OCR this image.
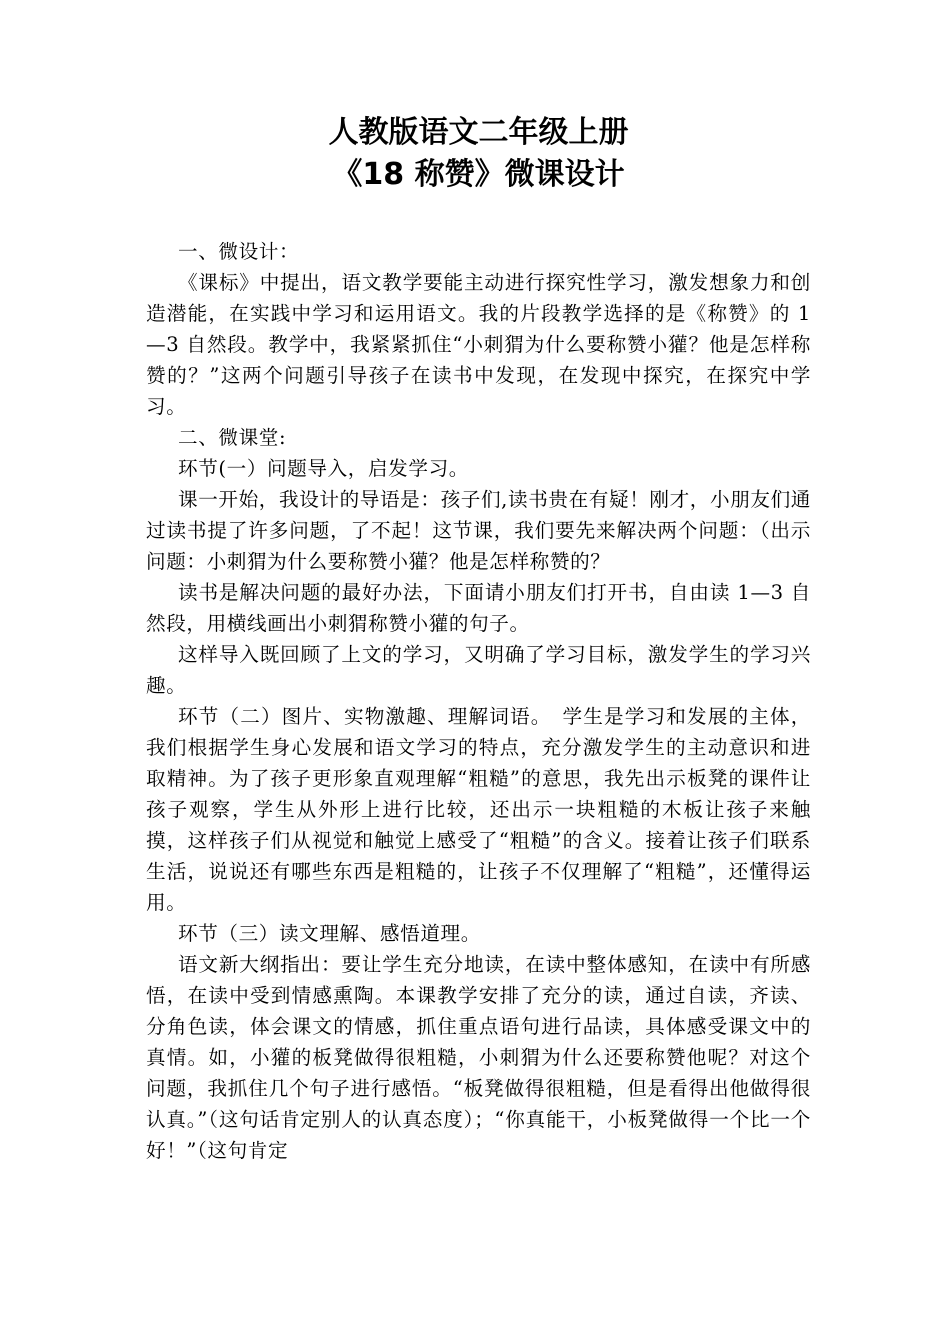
人教版语文二年级上册
《18 称赞》微课设计

一、微设计：

《课标》中提出，语文教学要能主动进行探究性学习，激发想象力和创造潜能，在实践中学习和运用语文。我的片段教学选择的是《称赞》的 1—3 自然段。教学中，我紧紧抓住“小刺猬为什么要称赞小獾？他是怎样称赞的？”这两个问题引导孩子在读书中发现，在发现中探究，在探究中学习。

二、微课堂:

环节(一）问题导入，启发学习。

课一开始，我设计的导语是：孩子们,读书贵在有疑！刚才，小朋友们通过读书提了许多问题，了不起！这节课，我们要先来解决两个问题：（出示问题：小刺猬为什么要称赞小獾？他是怎样称赞的？

读书是解决问题的最好办法，下面请小朋友们打开书，自由读 1—3 自然段，用横线画出小刺猬称赞小獾的句子。

这样导入既回顾了上文的学习，又明确了学习目标，激发学生的学习兴趣。

环节（二）图片、实物激趣、理解词语。　学生是学习和发展的主体，我们根据学生身心发展和语文学习的特点，充分激发学生的主动意识和进取精神。为了孩子更形象直观理解“粗糙”的意思，我先出示板凳的课件让孩子观察，学生从外形上进行比较，还出示一块粗糙的木板让孩子来触摸，这样孩子们从视觉和触觉上感受了“粗糙”的含义。接着让孩子们联系生活，说说还有哪些东西是粗糙的，让孩子不仅理解了“粗糙”，还懂得运用。

环节（三）读文理解、感悟道理。

语文新大纲指出：要让学生充分地读，在读中整体感知，在读中有所感悟，在读中受到情感熏陶。本课教学安排了充分的读，通过自读，齐读、分角色读，体会课文的情感，抓住重点语句进行品读，具体感受课文中的真情。如，小獾的板凳做得很粗糙，小刺猬为什么还要称赞他呢？对这个问题，我抓住几个句子进行感悟。“板凳做得很粗糙，但是看得出他做得很认真。”（这句话肯定别人的认真态度）；“你真能干，小板凳做得一个比一个好！”（这句肯定
